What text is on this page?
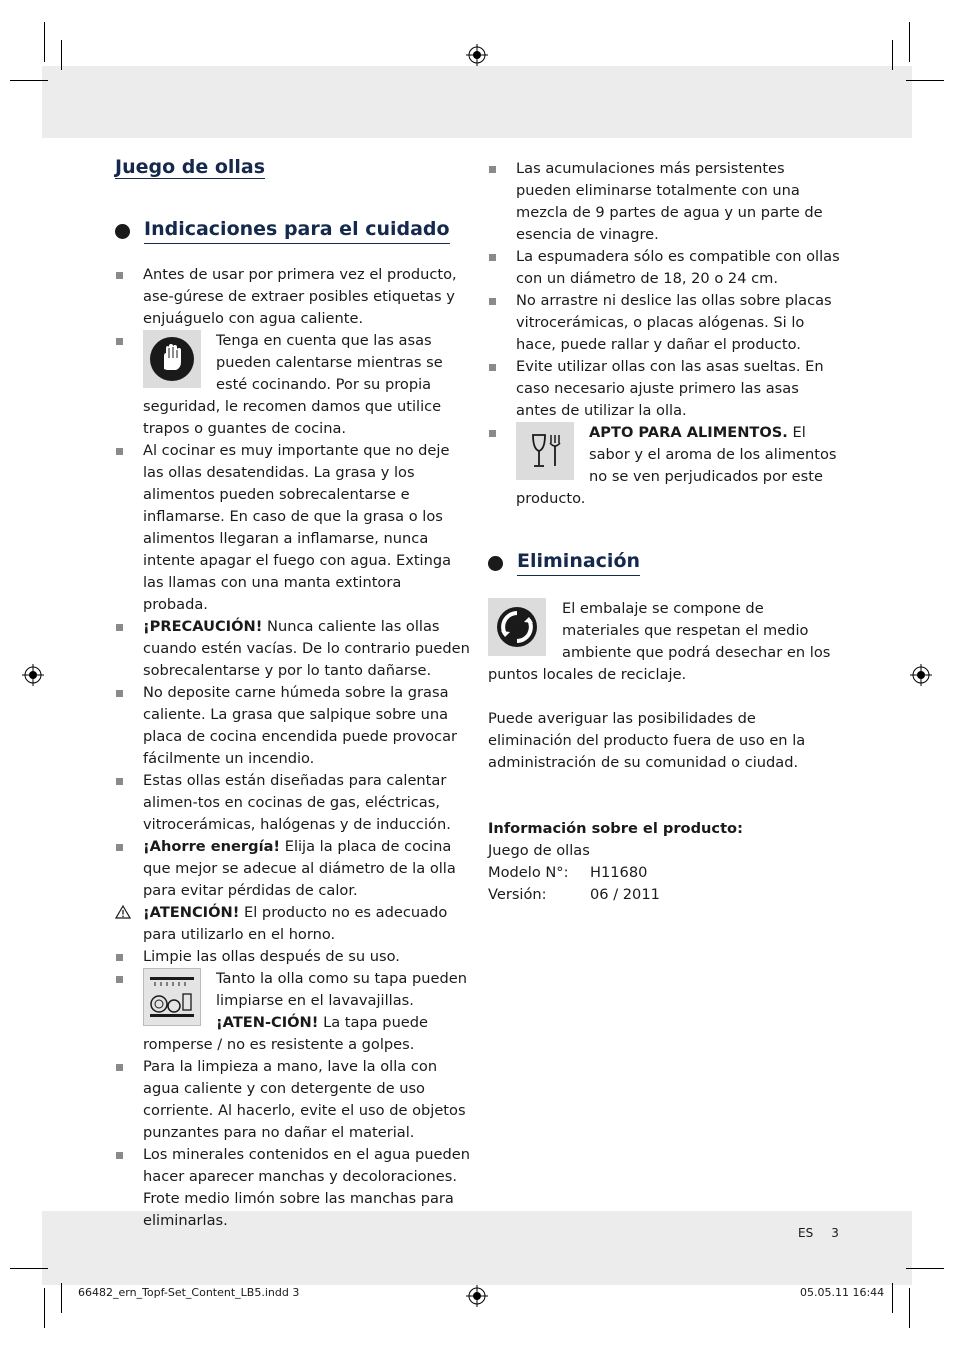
Juego de ollas
Indicaciones para el cuidado
Antes de usar por primera vez el producto, ase-gúrese de extraer posibles etiquetas y enjuáguelo con agua caliente.
Tenga en cuenta que las asas pueden calentarse mientras se esté cocinando. Por su propia seguridad, le recomen damos que utilice trapos o guantes de cocina.
Al cocinar es muy importante que no deje las ollas desatendidas. La grasa y los alimentos pueden sobrecalentarse e inflamarse. En caso de que la grasa o los alimentos llegaran a inflamarse, nunca intente apagar el fuego con agua. Extinga las llamas con una manta extintora probada.
¡PRECAUCIÓN! Nunca caliente las ollas cuando estén vacías. De lo contrario pueden sobrecalentarse y por lo tanto dañarse.
No deposite carne húmeda sobre la grasa caliente. La grasa que salpique sobre una placa de cocina encendida puede provocar fácilmente un incendio.
Estas ollas están diseñadas para calentar alimen-tos en cocinas de gas, eléctricas, vitrocerámicas, halógenas y de inducción.
¡Ahorre energía! Elija la placa de cocina que mejor se adecue al diámetro de la olla para evitar pérdidas de calor.
¡ATENCIÓN! El producto no es adecuado para utilizarlo en el horno.
Limpie las ollas después de su uso.
Tanto la olla como su tapa pueden limpiarse en el lavavajillas. ¡ATEN-CIÓN! La tapa puede romperse / no es resistente a golpes.
Para la limpieza a mano, lave la olla con agua caliente y con detergente de uso corriente. Al hacerlo, evite el uso de objetos punzantes para no dañar el material.
Los minerales contenidos en el agua pueden hacer aparecer manchas y decoloraciones. Frote medio limón sobre las manchas para eliminarlas.
Las acumulaciones más persistentes pueden eliminarse totalmente con una mezcla de 9 partes de agua y un parte de esencia de vinagre.
La espumadera sólo es compatible con ollas con un diámetro de 18, 20 o 24 cm.
No arrastre ni deslice las ollas sobre placas vitrocerámicas, o placas alógenas. Si lo hace, puede rallar y dañar el producto.
Evite utilizar ollas con las asas sueltas. En caso necesario ajuste primero las asas antes de utilizar la olla.
APTO PARA ALIMENTOS. El sabor y el aroma de los alimentos no se ven perjudicados por este producto.
Eliminación
El embalaje se compone de materiales que respetan el medio ambiente que podrá desechar en los puntos locales de reciclaje.
Puede averiguar las posibilidades de eliminación del producto fuera de uso en la administración de su comunidad o ciudad.
Información sobre el producto:
Juego de ollas
Modelo N°:	H11680
Versión:	06 / 2011
ES 3
66482_ern_Topf-Set_Content_LB5.indd 3	05.05.11 16:44
